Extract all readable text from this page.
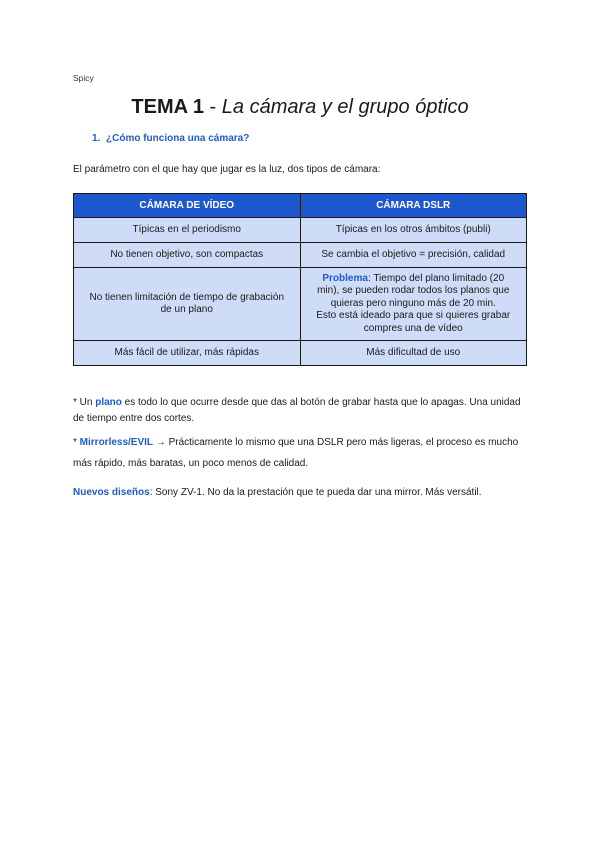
Spicy
TEMA 1 - La cámara y el grupo óptico
1. ¿Cómo funciona una cámara?
El parámetro con el que hay que jugar es la luz, dos tipos de cámara:
CÁMARA DE VÍDEO	CÁMARA DSLR
Típicas en el periodismo	Típicas en los otros ámbitos (publi)
No tienen objetivo, son compactas	Se cambia el objetivo = precisión, calidad
No tienen limitación de tiempo de grabación de un plano	Problema: Tiempo del plano limitado (20 min), se pueden rodar todos los planos que quieras pero ninguno más de 20 min.
Esto está ideado para que si quieres grabar compres una de vídeo
Más fácil de utilizar, más rápidas	Más dificultad de uso
* Un plano es todo lo que ocurre desde que das al botón de grabar hasta que lo apagas. Una unidad de tiempo entre dos cortes.
* Mirrorless/EVIL → Prácticamente lo mismo que una DSLR pero más ligeras, el proceso es mucho más rápido, más baratas, un poco menos de calidad.
Nuevos diseños: Sony ZV-1. No da la prestación que te pueda dar una mirror. Más versátil.
